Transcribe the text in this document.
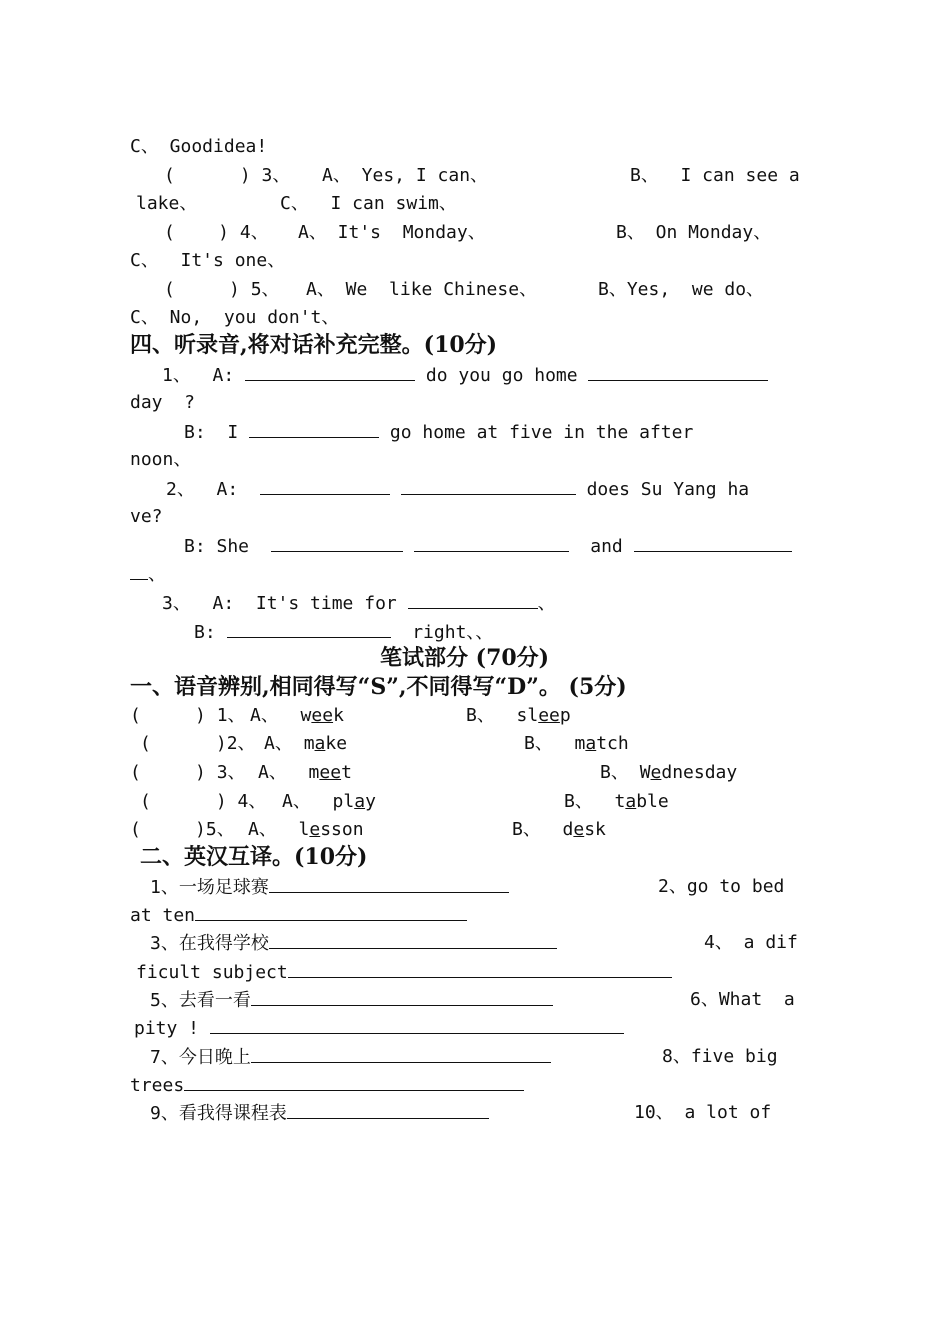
C、 Goodidea!
(      ) 3、 A、 Yes, I can、	B、  I can see a
lake、	C、  I can swim、
(    ) 4、 A、 It's  Monday、	B、 On Monday、
C、  It's one、
(     ) 5、 A、 We  like Chinese、	B、Yes,  we do、
C、 No,  you don't、
四、听录音,将对话补充完整。(10分)
1、  A:	do you go home
day  ?
B:  I	go home at five in the after
noon、
2、  A:	does Su Yang ha
ve?
B: She	and
、
3、  A:  It's time for	、
B:	right、、
笔试部分 (70分)
一、语音辨别,相同得写“S”,不同得写“D”。 (5分)
(     ) 1、 A、 week	B、 sleep
(      )2、 A、 make	B、 match
(     ) 3、 A、 meet	B、 Wednesday
(      ) 4、 A、 play	B、 table
(     )5、 A、 lesson	B、 desk
二、英汉互译。(10分)
1、一场足球赛	2、go to bed
at ten
3、在我得学校	4、 a dif
ficult subject
5、去看一看	6、What  a
pity !
7、今日晚上	8、five big
trees
9、看我得课程表	10、 a lot of
